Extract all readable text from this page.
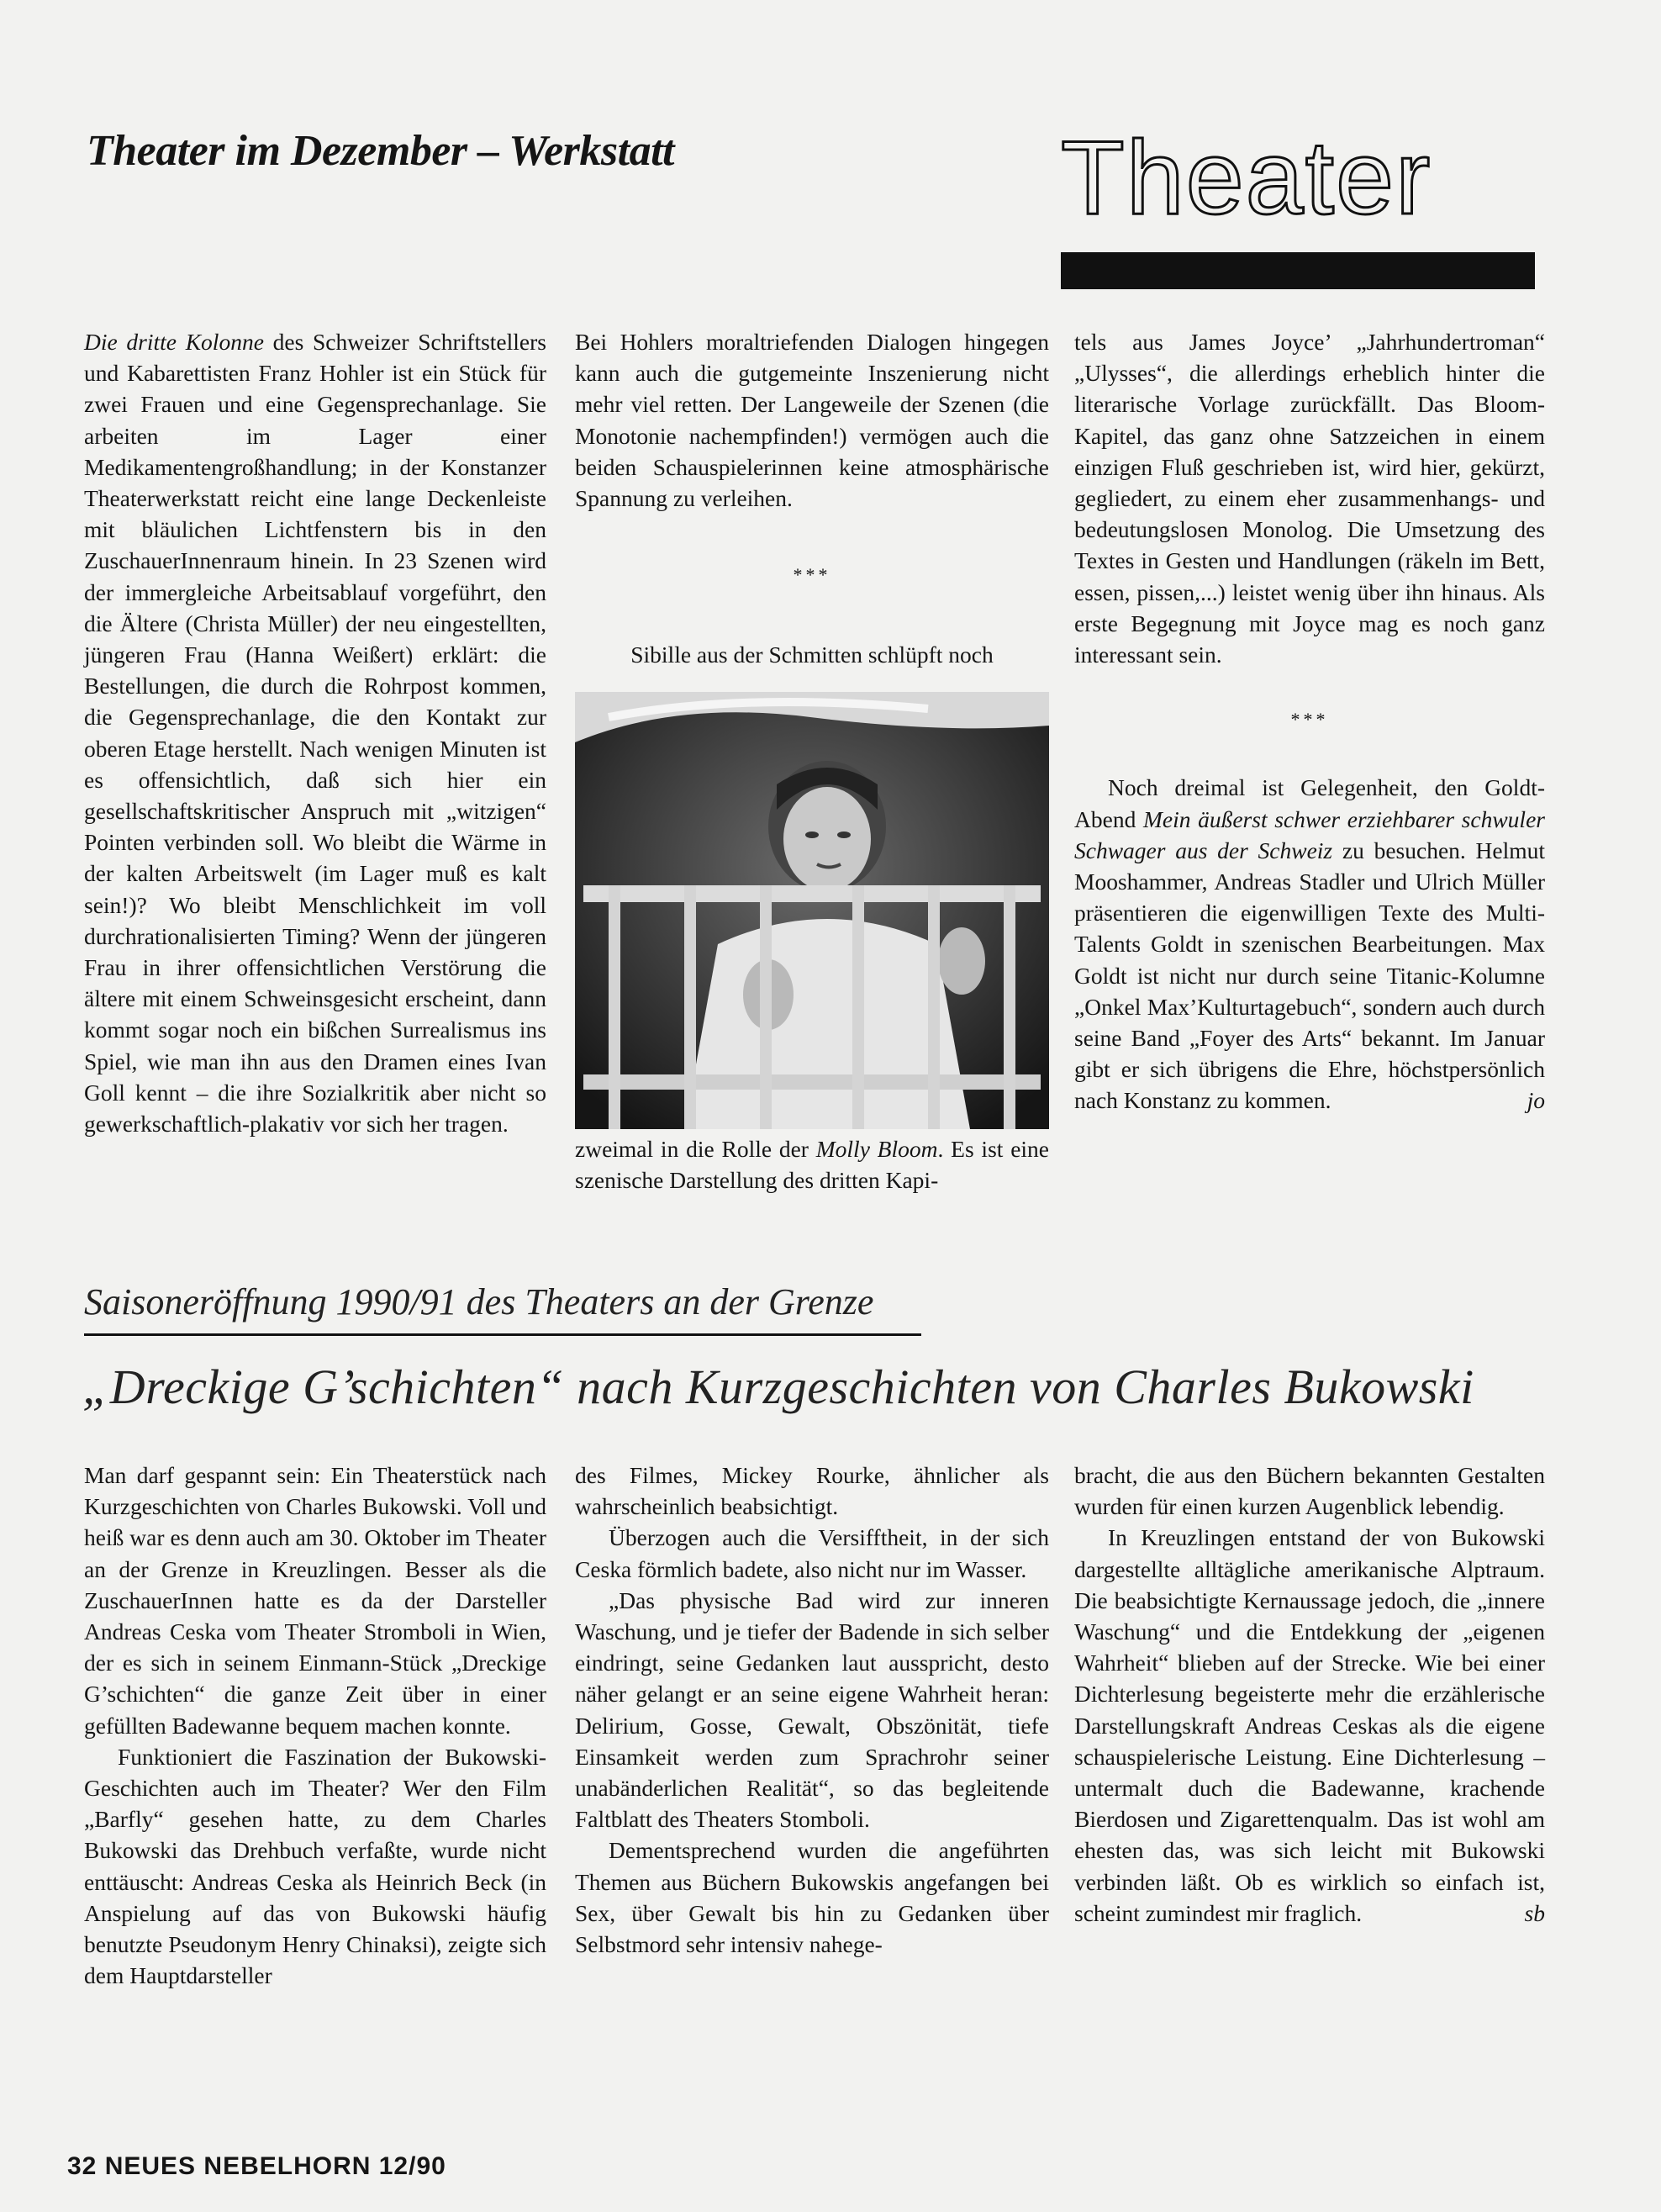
Theater im Dezember – Werkstatt	Theater

Die dritte Kolonne des Schweizer Schriftstellers und Kabarettisten Franz Hohler ist ein Stück für zwei Frauen und eine Gegensprechanlage. Sie arbeiten im Lager einer Medikamentengroßhandlung; in der Konstanzer Theaterwerkstatt reicht eine lange Deckenleiste mit bläulichen Lichtfenstern bis in den ZuschauerInnenraum hinein. In 23 Szenen wird der immergleiche Arbeitsablauf vorgeführt, den die Ältere (Christa Müller) der neu eingestellten, jüngeren Frau (Hanna Weißert) erklärt: die Bestellungen, die durch die Rohrpost kommen, die Gegensprechanlage, die den Kontakt zur oberen Etage herstellt. Nach wenigen Minuten ist es offensichtlich, daß sich hier ein gesellschaftskritischer Anspruch mit „witzigen“ Pointen verbinden soll. Wo bleibt die Wärme in der kalten Arbeitswelt (im Lager muß es kalt sein!)? Wo bleibt Menschlichkeit im voll durchrationalisierten Timing? Wenn der jüngeren Frau in ihrer offensichtlichen Verstörung die ältere mit einem Schweinsgesicht erscheint, dann kommt sogar noch ein bißchen Surrealismus ins Spiel, wie man ihn aus den Dramen eines Ivan Goll kennt – die ihre Sozialkritik aber nicht so gewerkschaftlich-plakativ vor sich her tragen.

Bei Hohlers moraltriefenden Dialogen hingegen kann auch die gutgemeinte Inszenierung nicht mehr viel retten. Der Langeweile der Szenen (die Monotonie nachempfinden!) vermögen auch die beiden Schauspielerinnen keine atmosphärische Spannung zu verleihen.

***

Sibille aus der Schmitten schlüpft noch

zweimal in die Rolle der Molly Bloom. Es ist eine szenische Darstellung des dritten Kapi-

tels aus James Joyce’ „Jahrhundertroman“ „Ulysses“, die allerdings erheblich hinter die literarische Vorlage zurückfällt. Das Bloom-Kapitel, das ganz ohne Satzzeichen in einem einzigen Fluß geschrieben ist, wird hier, gekürzt, gegliedert, zu einem eher zusammenhangs- und bedeutungslosen Monolog. Die Umsetzung des Textes in Gesten und Handlungen (räkeln im Bett, essen, pissen,...) leistet wenig über ihn hinaus. Als erste Begegnung mit Joyce mag es noch ganz interessant sein.

***

Noch dreimal ist Gelegenheit, den Goldt-Abend Mein äußerst schwer erziehbarer schwuler Schwager aus der Schweiz zu besuchen. Helmut Mooshammer, Andreas Stadler und Ulrich Müller präsentieren die eigenwilligen Texte des Multi-Talents Goldt in szenischen Bearbeitungen. Max Goldt ist nicht nur durch seine Titanic-Kolumne „Onkel Max’Kulturtagebuch“, sondern auch durch seine Band „Foyer des Arts“ bekannt. Im Januar gibt er sich übrigens die Ehre, höchstpersönlich nach Konstanz zu kommen.	jo

Saisoneröffnung 1990/91 des Theaters an der Grenze
„Dreckige G’schichten“ nach Kurzgeschichten von Charles Bukowski

Man darf gespannt sein: Ein Theaterstück nach Kurzgeschichten von Charles Bukowski. Voll und heiß war es denn auch am 30. Oktober im Theater an der Grenze in Kreuzlingen. Besser als die ZuschauerInnen hatte es da der Darsteller Andreas Ceska vom Theater Stromboli in Wien, der es sich in seinem Einmann-Stück „Dreckige G’schichten“ die ganze Zeit über in einer gefüllten Badewanne bequem machen konnte.

Funktioniert die Faszination der Bukowski-Geschichten auch im Theater? Wer den Film „Barfly“ gesehen hatte, zu dem Charles Bukowski das Drehbuch verfaßte, wurde nicht enttäuscht: Andreas Ceska als Heinrich Beck (in Anspielung auf das von Bukowski häufig benutzte Pseudonym Henry Chinaksi), zeigte sich dem Hauptdarsteller

des Filmes, Mickey Rourke, ähnlicher als wahrscheinlich beabsichtigt.

Überzogen auch die Versifftheit, in der sich Ceska förmlich badete, also nicht nur im Wasser.

„Das physische Bad wird zur inneren Waschung, und je tiefer der Badende in sich selber eindringt, seine Gedanken laut ausspricht, desto näher gelangt er an seine eigene Wahrheit heran: Delirium, Gosse, Gewalt, Obszönität, tiefe Einsamkeit werden zum Sprachrohr seiner unabänderlichen Realität“, so das begleitende Faltblatt des Theaters Stomboli.

Dementsprechend wurden die angeführten Themen aus Büchern Bukowskis angefangen bei Sex, über Gewalt bis hin zu Gedanken über Selbstmord sehr intensiv nahege-

bracht, die aus den Büchern bekannten Gestalten wurden für einen kurzen Augenblick lebendig.

In Kreuzlingen entstand der von Bukowski dargestellte alltägliche amerikanische Alptraum. Die beabsichtigte Kernaussage jedoch, die „innere Waschung“ und die Entdekkung der „eigenen Wahrheit“ blieben auf der Strecke. Wie bei einer Dichterlesung begeisterte mehr die erzählerische Darstellungskraft Andreas Ceskas als die eigene schauspielerische Leistung. Eine Dichterlesung – untermalt duch die Badewanne, krachende Bierdosen und Zigarettenqualm. Das ist wohl am ehesten das, was sich leicht mit Bukowski verbinden läßt. Ob es wirklich so einfach ist, scheint zumindest mir fraglich.	sb

32 NEUES NEBELHORN 12/90
